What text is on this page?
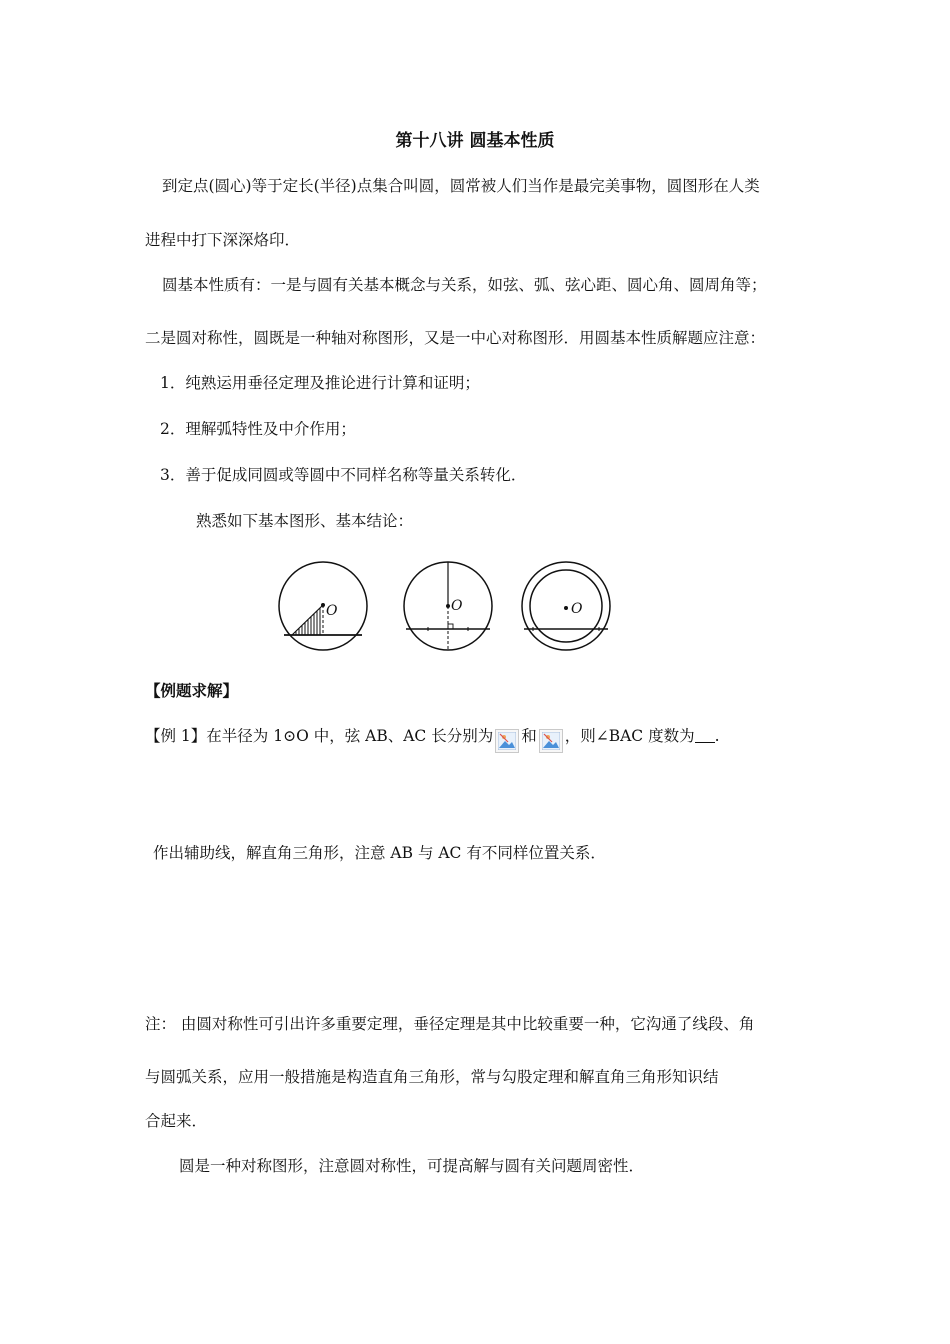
第十八讲 圆基本性质
到定点(圆心)等于定长(半径)点集合叫圆，圆常被人们当作是最完美事物，圆图形在人类
进程中打下深深烙印．
圆基本性质有：一是与圆有关基本概念与关系，如弦、弧、弦心距、圆心角、圆周角等；
二是圆对称性，圆既是一种轴对称图形，又是一中心对称图形．用圆基本性质解题应注意：
1．纯熟运用垂径定理及推论进行计算和证明；
2．理解弧特性及中介作用；
3．善于促成同圆或等圆中不同样名称等量关系转化．
熟悉如下基本图形、基本结论：
O	O	O
【例题求解】
【例 1】在半径为 1⊙O 中，弦 AB、AC 长分别为 和 ，则∠BAC 度数为 .
作出辅助线，解直角三角形，注意 AB 与 AC 有不同样位置关系．
注： 由圆对称性可引出许多重要定理，垂径定理是其中比较重要一种，它沟通了线段、角
与圆弧关系，应用一般措施是构造直角三角形，常与勾股定理和解直角三角形知识结
合起来．
圆是一种对称图形，注意圆对称性，可提高解与圆有关问题周密性．
